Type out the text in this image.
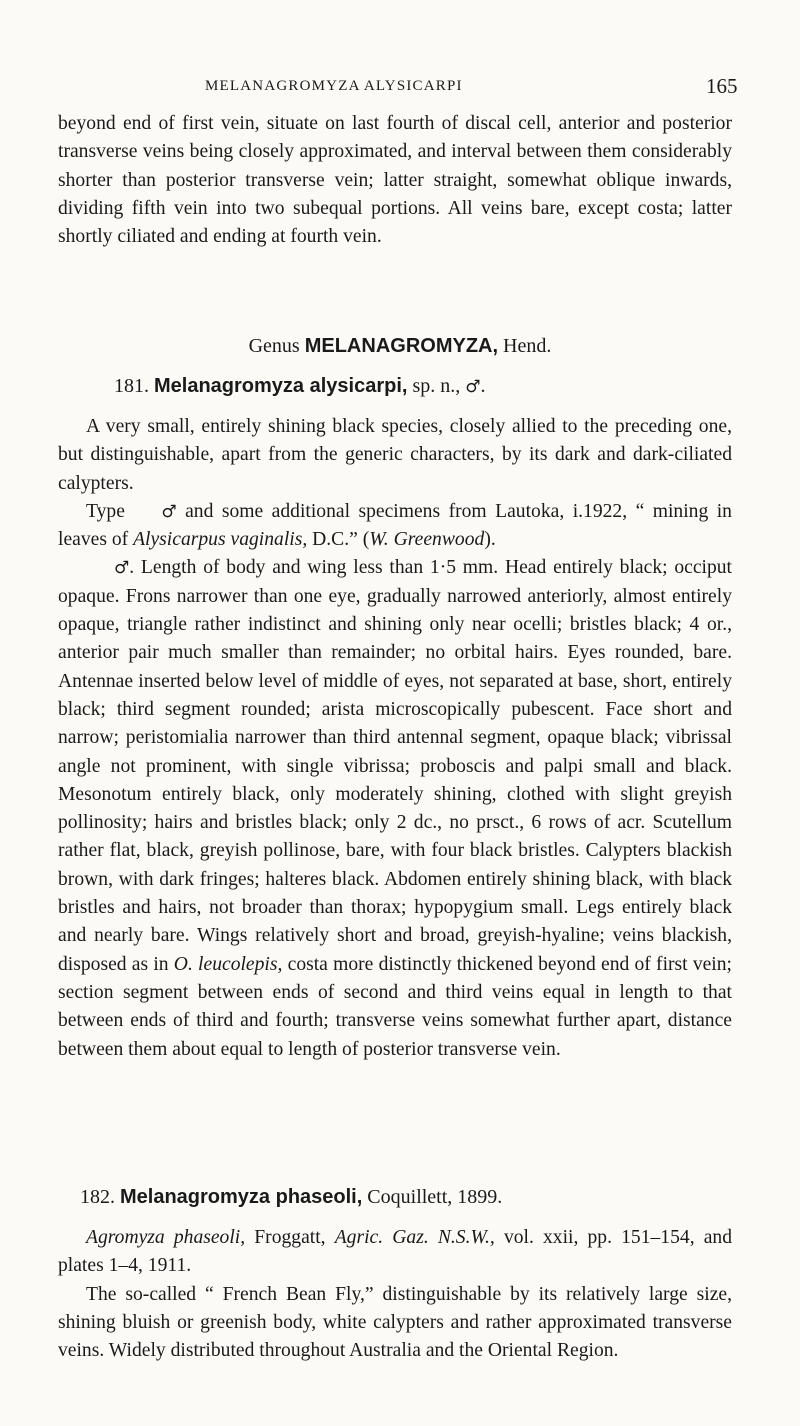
MELANAGROMYZA ALYSICARPI	165

beyond end of first vein, situate on last fourth of discal cell, anterior and posterior transverse veins being closely approximated, and interval between them considerably shorter than posterior transverse vein; latter straight, somewhat oblique inwards, dividing fifth vein into two subequal portions. All veins bare, except costa; latter shortly ciliated and ending at fourth vein.

Genus MELANAGROMYZA, Hend.
181. Melanagromyza alysicarpi, sp. n., ♂.

A very small, entirely shining black species, closely allied to the preceding one, but distinguishable, apart from the generic characters, by its dark and dark-ciliated calypters.

Type ♂ and some additional specimens from Lautoka, i.1922, “ mining in leaves of Alysicarpus vaginalis, D.C.” (W. Greenwood).

♂. Length of body and wing less than 1·5 mm. Head entirely black; occiput opaque. Frons narrower than one eye, gradually narrowed anteriorly, almost entirely opaque, triangle rather indistinct and shining only near ocelli; bristles black; 4 or., anterior pair much smaller than remainder; no orbital hairs. Eyes rounded, bare. Antennae inserted below level of middle of eyes, not separated at base, short, entirely black; third segment rounded; arista microscopically pubescent. Face short and narrow; peristomialia narrower than third antennal segment, opaque black; vibrissal angle not prominent, with single vibrissa; proboscis and palpi small and black. Mesonotum entirely black, only moderately shining, clothed with slight greyish pollinosity; hairs and bristles black; only 2 dc., no prsct., 6 rows of acr. Scutellum rather flat, black, greyish pollinose, bare, with four black bristles. Calypters blackish brown, with dark fringes; halteres black. Abdomen entirely shining black, with black bristles and hairs, not broader than thorax; hypopygium small. Legs entirely black and nearly bare. Wings relatively short and broad, greyish-hyaline; veins blackish, disposed as in O. leucolepis, costa more distinctly thickened beyond end of first vein; section segment between ends of second and third veins equal in length to that between ends of third and fourth; transverse veins somewhat further apart, distance between them about equal to length of posterior transverse vein.

182. Melanagromyza phaseoli, Coquillett, 1899.

Agromyza phaseoli, Froggatt, Agric. Gaz. N.S.W., vol. xxii, pp. 151–154, and plates 1–4, 1911.

The so-called “ French Bean Fly,” distinguishable by its relatively large size, shining bluish or greenish body, white calypters and rather approximated transverse veins. Widely distributed throughout Australia and the Oriental Region.
